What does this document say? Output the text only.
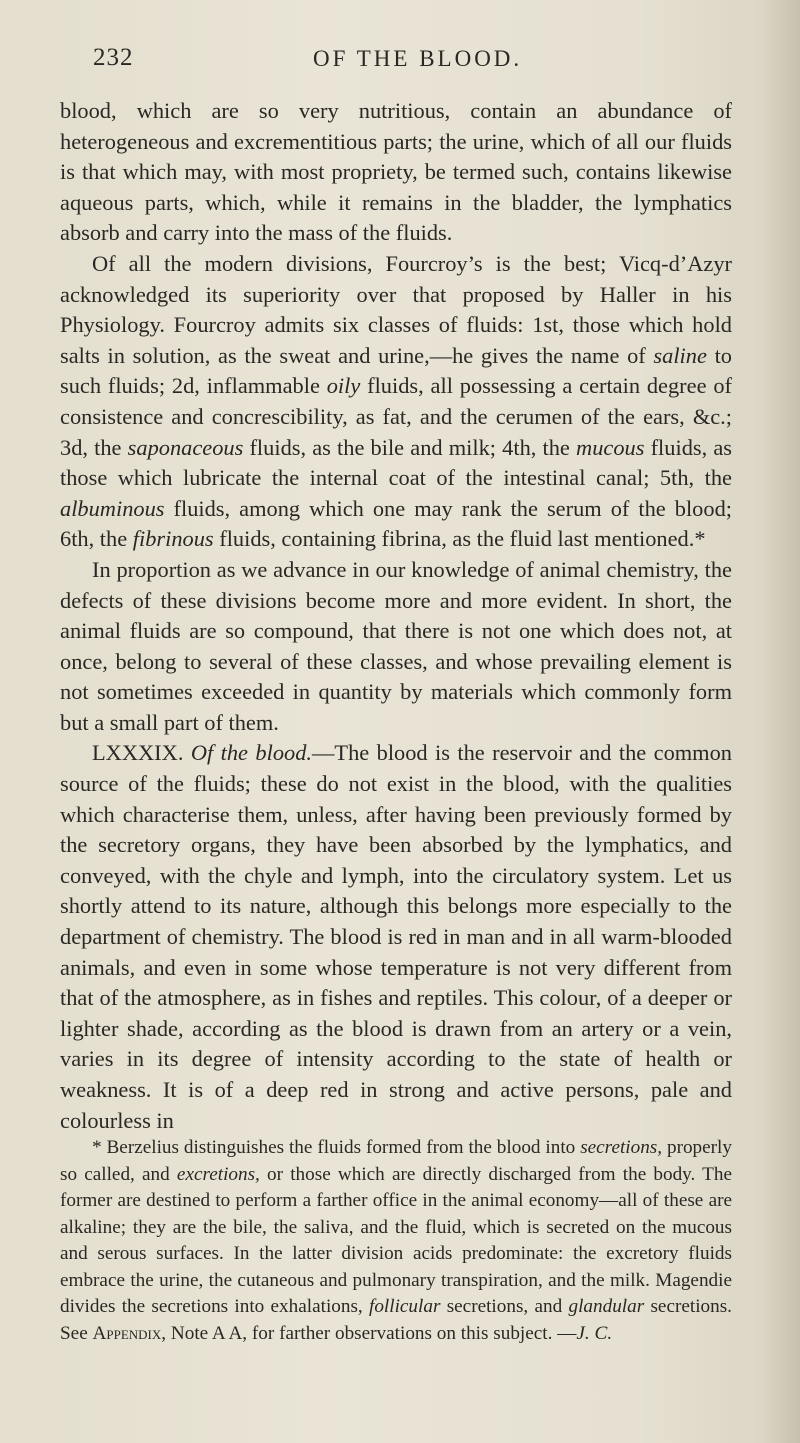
232	OF THE BLOOD.

blood, which are so very nutritious, contain an abundance of heterogeneous and excrementitious parts; the urine, which of all our fluids is that which may, with most propriety, be termed such, contains likewise aqueous parts, which, while it remains in the bladder, the lymphatics absorb and carry into the mass of the fluids.

Of all the modern divisions, Fourcroy’s is the best; Vicq-d’Azyr acknowledged its superiority over that proposed by Haller in his Physiology. Fourcroy admits six classes of fluids: 1st, those which hold salts in solution, as the sweat and urine,—he gives the name of saline to such fluids; 2d, inflammable oily fluids, all possessing a certain degree of consistence and concrescibility, as fat, and the cerumen of the ears, &c.; 3d, the saponaceous fluids, as the bile and milk; 4th, the mucous fluids, as those which lubricate the internal coat of the intestinal canal; 5th, the albuminous fluids, among which one may rank the serum of the blood; 6th, the fibrinous fluids, containing fibrina, as the fluid last mentioned.*

In proportion as we advance in our knowledge of animal chemistry, the defects of these divisions become more and more evident. In short, the animal fluids are so compound, that there is not one which does not, at once, belong to several of these classes, and whose prevailing element is not sometimes exceeded in quantity by materials which commonly form but a small part of them.

LXXXIX. Of the blood.—The blood is the reservoir and the common source of the fluids; these do not exist in the blood, with the qualities which characterise them, unless, after having been previously formed by the secretory organs, they have been absorbed by the lymphatics, and conveyed, with the chyle and lymph, into the circulatory system. Let us shortly attend to its nature, although this belongs more especially to the department of chemistry. The blood is red in man and in all warm-blooded animals, and even in some whose temperature is not very different from that of the atmosphere, as in fishes and reptiles. This colour, of a deeper or lighter shade, according as the blood is drawn from an artery or a vein, varies in its degree of intensity according to the state of health or weakness. It is of a deep red in strong and active persons, pale and colourless in

* Berzelius distinguishes the fluids formed from the blood into secretions, properly so called, and excretions, or those which are directly discharged from the body. The former are destined to perform a farther office in the animal economy—all of these are alkaline; they are the bile, the saliva, and the fluid, which is secreted on the mucous and serous surfaces. In the latter division acids predominate: the excretory fluids embrace the urine, the cutaneous and pulmonary transpiration, and the milk. Magendie divides the secretions into exhalations, follicular secretions, and glandular secretions. See Appendix, Note A A, for farther observations on this subject. —J. C.
